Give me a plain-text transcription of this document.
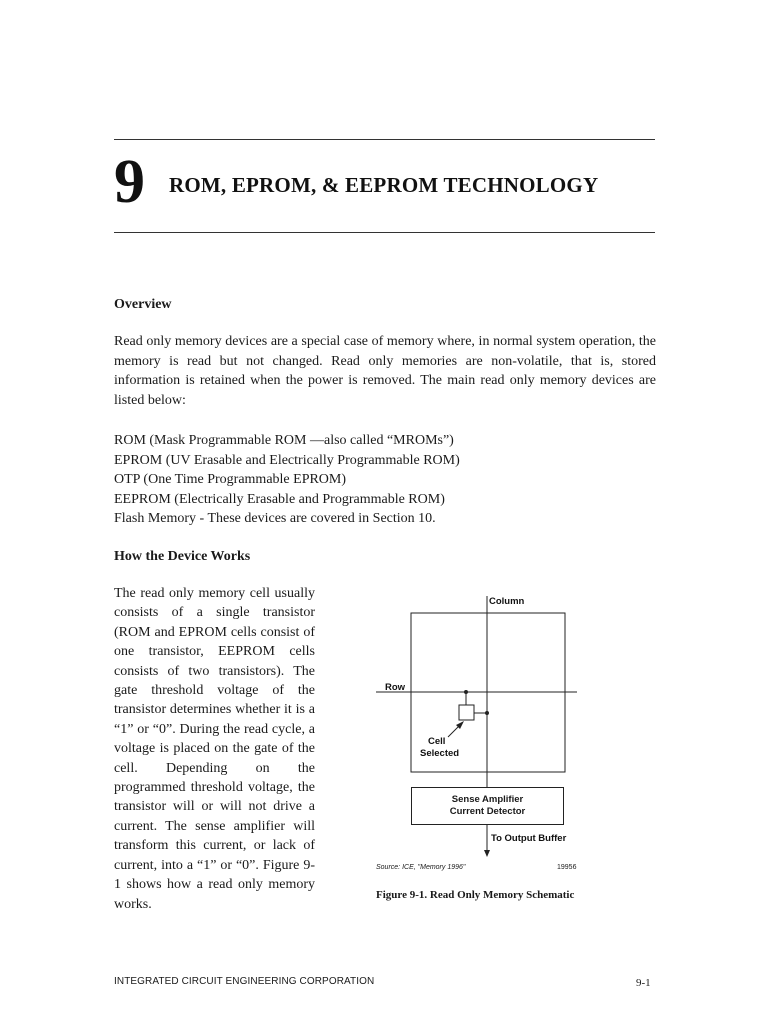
9 ROM, EPROM, & EEPROM TECHNOLOGY
Overview
Read only memory devices are a special case of memory where, in normal system operation, the memory is read but not changed. Read only memories are non-volatile, that is, stored information is retained when the power is removed. The main read only memory devices are listed below:
ROM (Mask Programmable ROM —also called “MROMs”)
EPROM (UV Erasable and Electrically Programmable ROM)
OTP (One Time Programmable EPROM)
EEPROM (Electrically Erasable and Programmable ROM)
Flash Memory - These devices are covered in Section 10.
How the Device Works
The read only memory cell usually consists of a single transistor (ROM and EPROM cells consist of one transistor, EEPROM cells consists of two transistors). The gate threshold voltage of the transistor determines whether it is a “1” or “0”. During the read cycle, a voltage is placed on the gate of the cell. Depending on the programmed threshold voltage, the transistor will or will not drive a current. The sense amplifier will transform this current, or lack of current, into a “1” or “0”. Figure 9-1 shows how a read only memory works.
Column
Row
Cell
Selected
Sense Amplifier
Current Detector
To Output Buffer
Source: ICE, "Memory 1996"	19956
Figure 9-1. Read Only Memory Schematic
INTEGRATED CIRCUIT ENGINEERING CORPORATION	9-1
